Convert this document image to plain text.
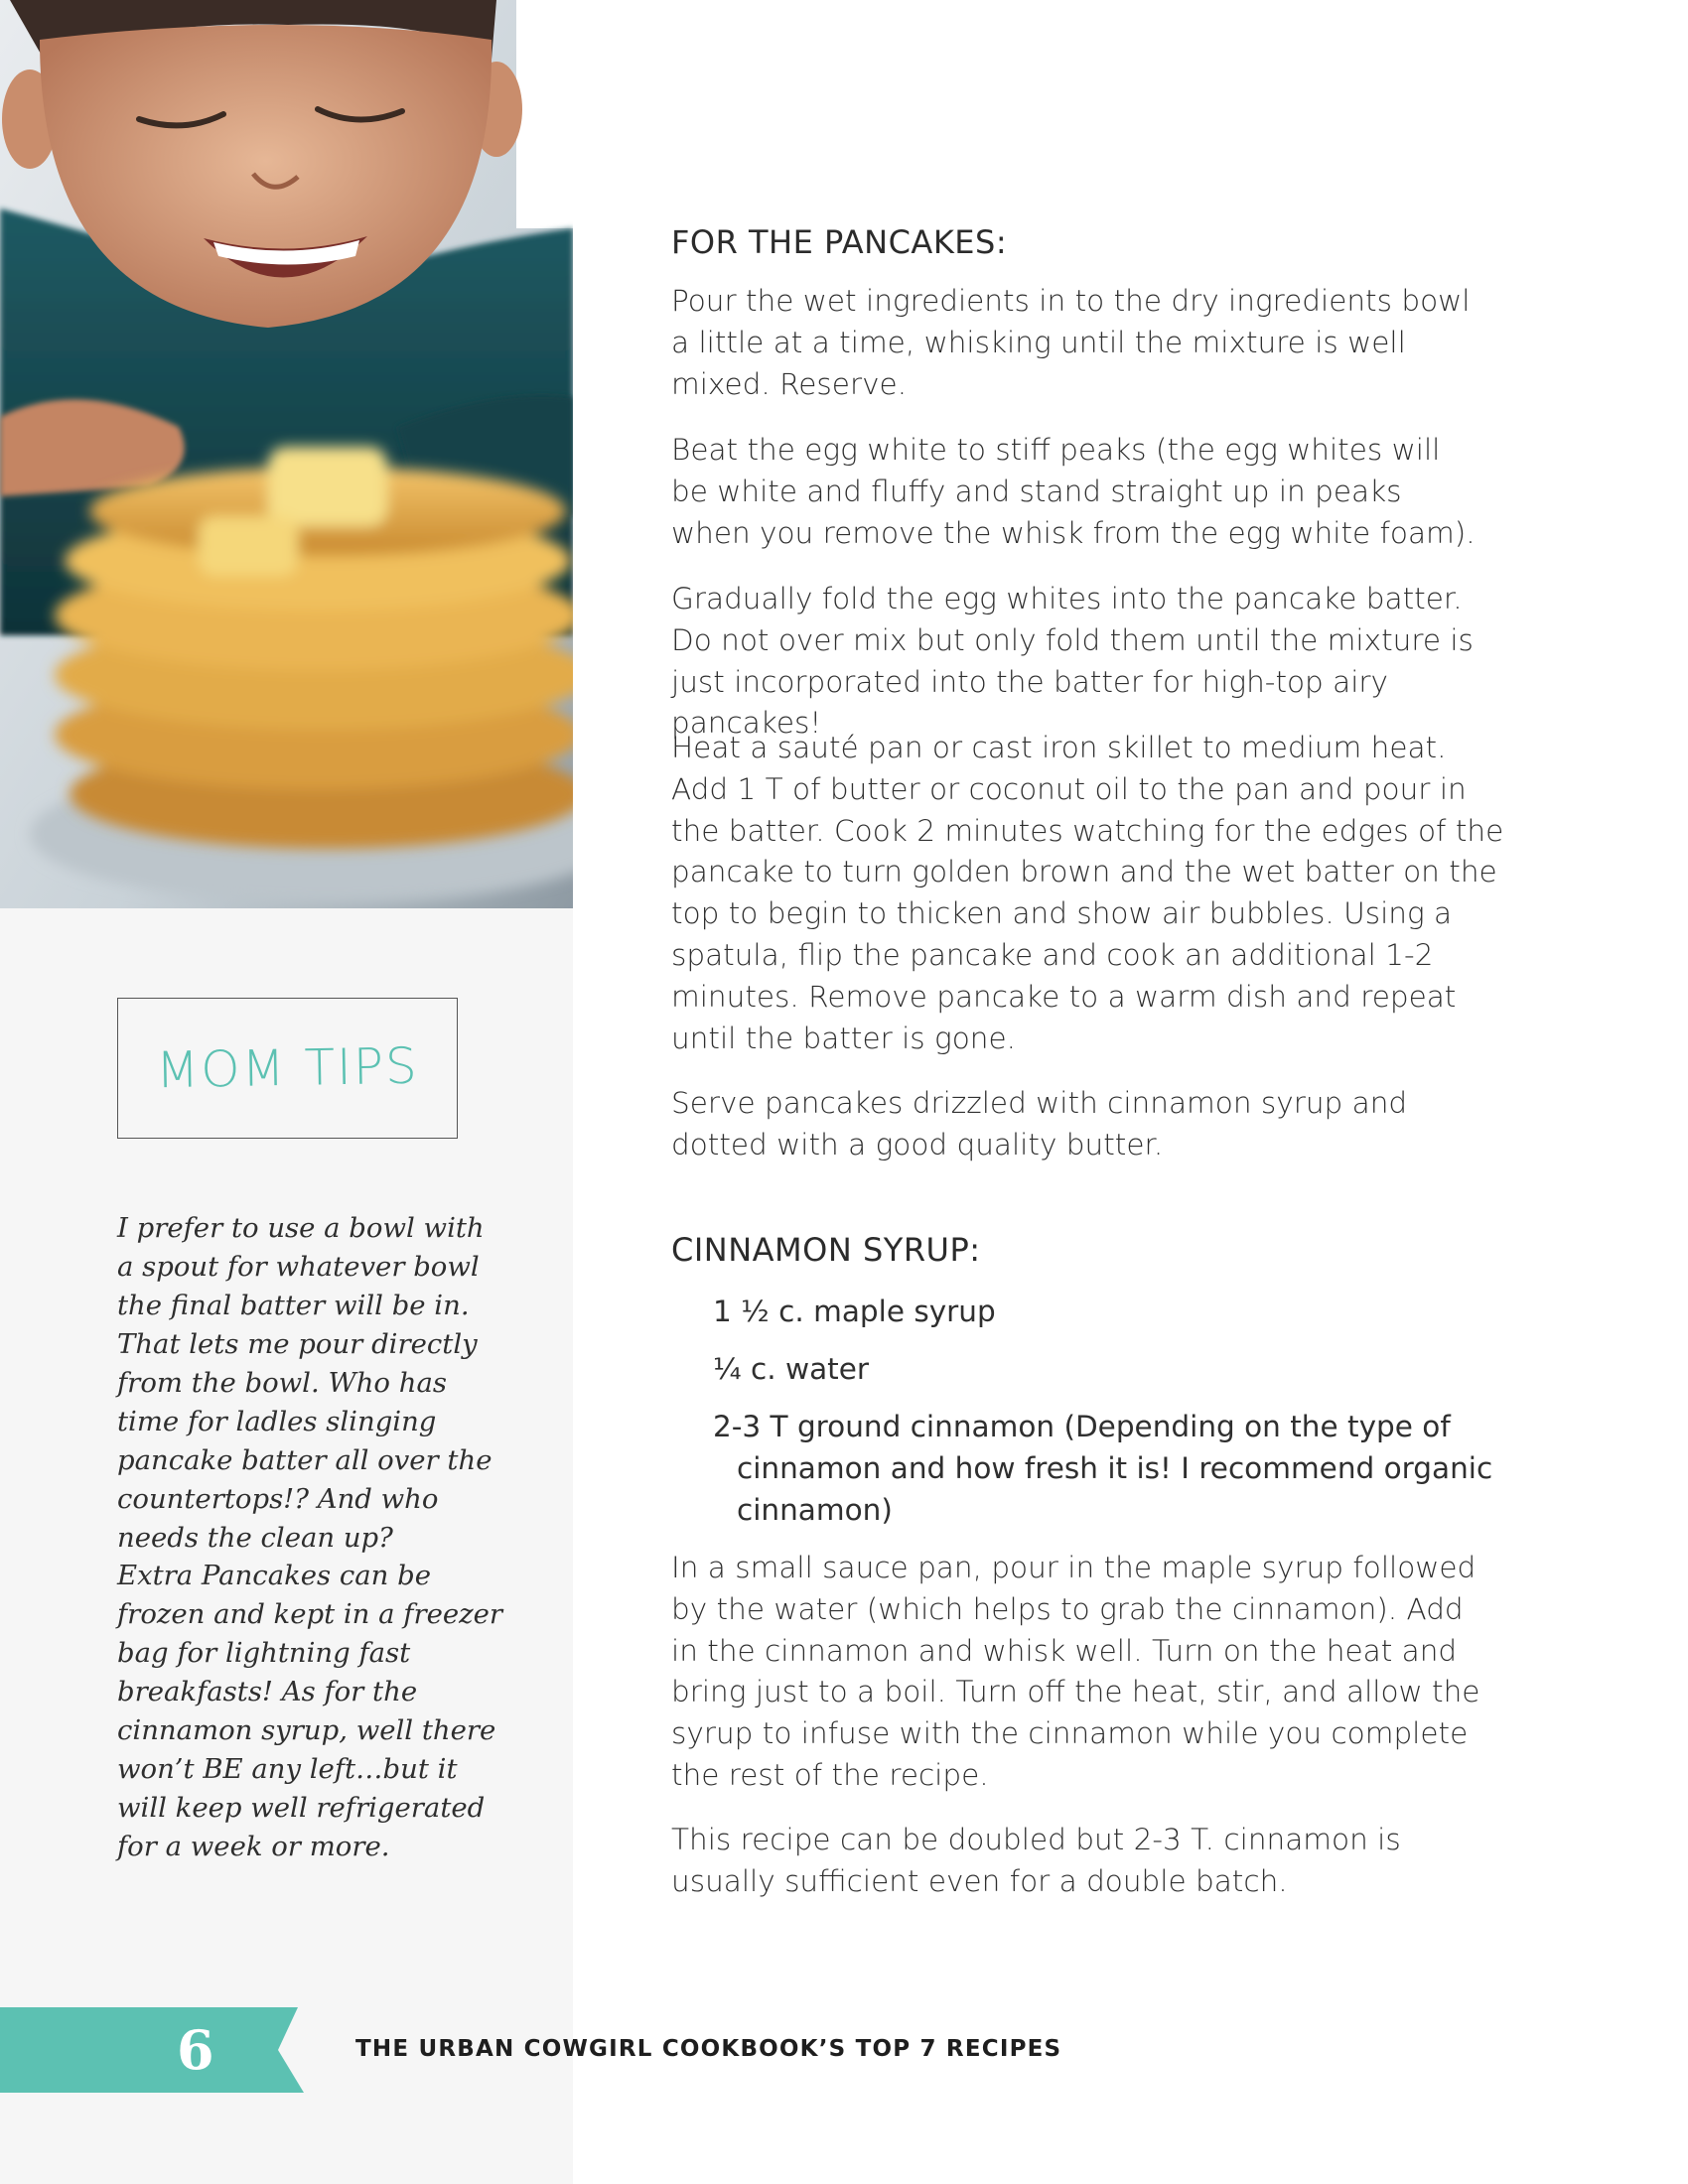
MOM TIPS

I prefer to use a bowl with a spout for whatever bowl the final batter will be in. That lets me pour directly from the bowl. Who has time for ladles slinging pancake batter all over the countertops!? And who needs the clean up?

Extra Pancakes can be frozen and kept in a freezer bag for lightning fast breakfasts! As for the cinnamon syrup, well there won’t BE any left…but it will keep well refrigerated for a week or more.

FOR THE PANCAKES:

Pour the wet ingredients in to the dry ingredients bowl a little at a time, whisking until the mixture is well mixed. Reserve.

Beat the egg white to stiff peaks (the egg whites will be white and fluffy and stand straight up in peaks when you remove the whisk from the egg white foam).

Gradually fold the egg whites into the pancake batter. Do not over mix but only fold them until the mixture is just incorporated into the batter for high-top airy pancakes!

Heat a sauté pan or cast iron skillet to medium heat. Add 1 T of butter or coconut oil to the pan and pour in the batter. Cook 2 minutes watching for the edges of the pancake to turn golden brown and the wet batter on the top to begin to thicken and show air bubbles. Using a spatula, flip the pancake and cook an additional 1-2 minutes. Remove pancake to a warm dish and repeat until the batter is gone.

Serve pancakes drizzled with cinnamon syrup and dotted with a good quality butter.

CINNAMON SYRUP:

1 ½ c. maple syrup

¼ c. water

2-3 T ground cinnamon (Depending on the type of cinnamon and how fresh it is! I recommend organic cinnamon)

In a small sauce pan, pour in the maple syrup followed by the water (which helps to grab the cinnamon). Add in the cinnamon and whisk well. Turn on the heat and bring just to a boil. Turn off the heat, stir, and allow the syrup to infuse with the cinnamon while you complete the rest of the recipe.

This recipe can be doubled but 2-3 T. cinnamon is usually sufficient even for a double batch.

6	THE URBAN COWGIRL COOKBOOK’S TOP 7 RECIPES
